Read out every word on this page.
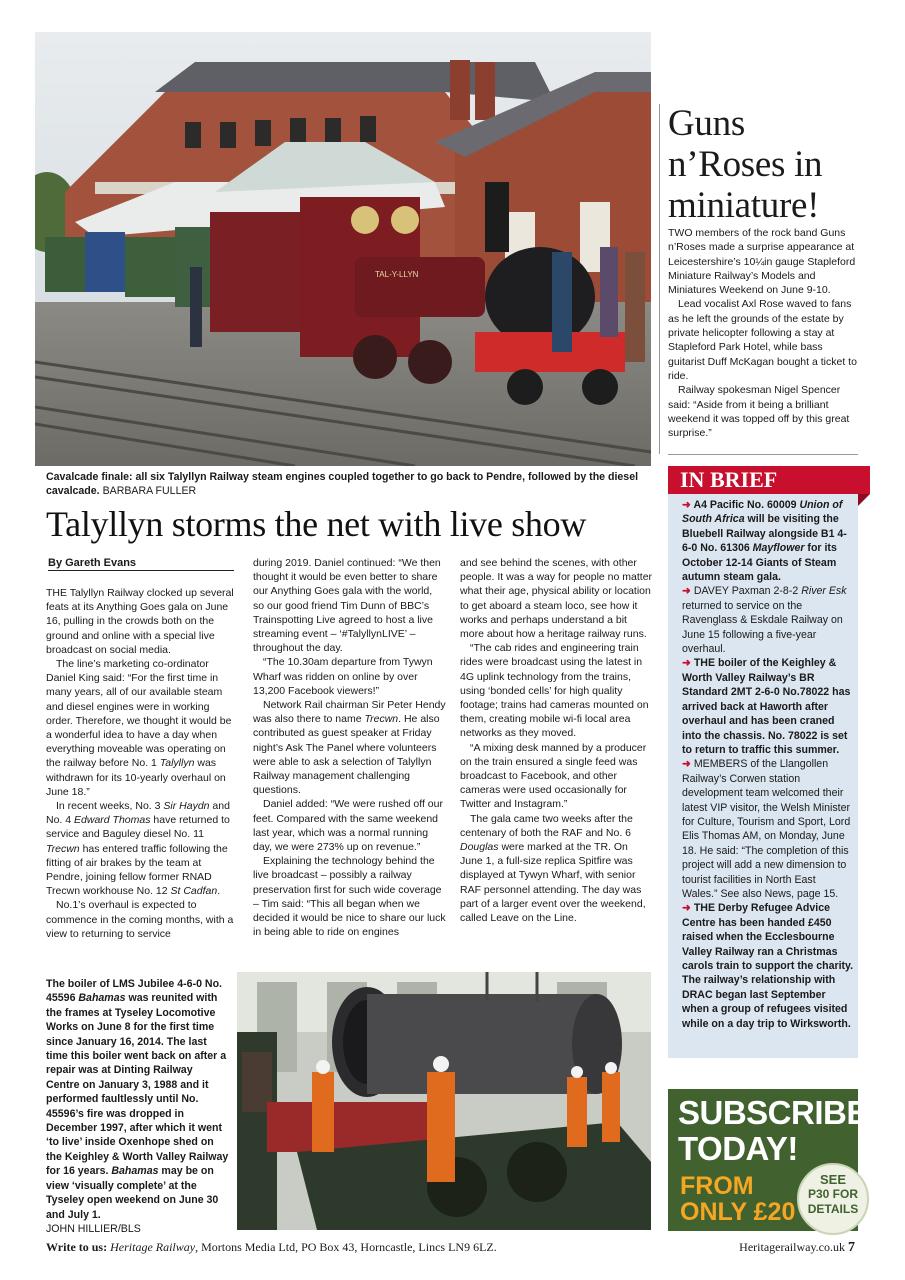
TAL-Y-LLYN
Cavalcade finale: all six Talyllyn Railway steam engines coupled together to go back to Pendre, followed by the diesel cavalcade. BARBARA FULLER
Talyllyn storms the net with live show
By Gareth Evans

THE Talyllyn Railway clocked up several feats at its Anything Goes gala on June 16, pulling in the crowds both on the ground and online with a special live broadcast on social media.

The line’s marketing co-ordinator Daniel King said: “For the first time in many years, all of our available steam and diesel engines were in working order. Therefore, we thought it would be a wonderful idea to have a day when everything moveable was operating on the railway before No. 1 Talyllyn was withdrawn for its 10-yearly overhaul on June 18.”

In recent weeks, No. 3 Sir Haydn and No. 4 Edward Thomas have returned to service and Baguley diesel No. 11 Trecwn has entered traffic following the fitting of air brakes by the team at Pendre, joining fellow former RNAD Trecwn workhouse No. 12 St Cadfan.

No.1’s overhaul is expected to commence in the coming months, with a view to returning to service

during 2019. Daniel continued: “We then thought it would be even better to share our Anything Goes gala with the world, so our good friend Tim Dunn of BBC’s Trainspotting Live agreed to host a live streaming event – ‘#TalyllynLIVE’ – throughout the day.

“The 10.30am departure from Tywyn Wharf was ridden on online by over 13,200 Facebook viewers!”

Network Rail chairman Sir Peter Hendy was also there to name Trecwn. He also contributed as guest speaker at Friday night’s Ask The Panel where volunteers were able to ask a selection of Talyllyn Railway management challenging questions.

Daniel added: “We were rushed off our feet. Compared with the same weekend last year, which was a normal running day, we were 273% up on revenue.”

Explaining the technology behind the live broadcast – possibly a railway preservation first for such wide coverage – Tim said: “This all began when we decided it would be nice to share our luck in being able to ride on engines

and see behind the scenes, with other people. It was a way for people no matter what their age, physical ability or location to get aboard a steam loco, see how it works and perhaps understand a bit more about how a heritage railway runs.

“The cab rides and engineering train rides were broadcast using the latest in 4G uplink technology from the trains, using ‘bonded cells’ for high quality footage; trains had cameras mounted on them, creating mobile wi-fi local area networks as they moved.

“A mixing desk manned by a producer on the train ensured a single feed was broadcast to Facebook, and other cameras were used occasionally for Twitter and Instagram.”

The gala came two weeks after the centenary of both the RAF and No. 6 Douglas were marked at the TR. On June 1, a full-size replica Spitfire was displayed at Tywyn Wharf, with senior RAF personnel attending. The day was part of a larger event over the weekend, called Leave on the Line.

Guns n’Roses in miniature!

TWO members of the rock band Guns n’Roses made a surprise appearance at Leicestershire’s 10¼in gauge Stapleford Miniature Railway’s Models and Miniatures Weekend on June 9-10.

Lead vocalist Axl Rose waved to fans as he left the grounds of the estate by private helicopter following a stay at Stapleford Park Hotel, while bass guitarist Duff McKagan bought a ticket to ride.

Railway spokesman Nigel Spencer said: “Aside from it being a brilliant weekend it was topped off by this great surprise.”

IN BRIEF
➜ A4 Pacific No. 60009 Union of South Africa will be visiting the Bluebell Railway alongside B1 4-6-0 No. 61306 Mayflower for its October 12-14 Giants of Steam autumn steam gala.
➜ DAVEY Paxman 2-8-2 River Esk returned to service on the Ravenglass & Eskdale Railway on June 15 following a five-year overhaul.
➜ THE boiler of the Keighley & Worth Valley Railway’s BR Standard 2MT 2-6-0 No.78022 has arrived back at Haworth after overhaul and has been craned into the chassis. No. 78022 is set to return to traffic this summer.
➜ MEMBERS of the Llangollen Railway’s Corwen station development team welcomed their latest VIP visitor, the Welsh Minister for Culture, Tourism and Sport, Lord Elis Thomas AM, on Monday, June 18. He said: “The completion of this project will add a new dimension to tourist facilities in North East Wales.” See also News, page 15.
➜ THE Derby Refugee Advice Centre has been handed £450 raised when the Ecclesbourne Valley Railway ran a Christmas carols train to support the charity. The railway’s relationship with DRAC began last September when a group of refugees visited while on a day trip to Wirksworth.
The boiler of LMS Jubilee 4-6-0 No. 45596 Bahamas was reunited with the frames at Tyseley Locomotive Works on June 8 for the first time since January 16, 2014. The last time this boiler went back on after a repair was at Dinting Railway Centre on January 3, 1988 and it performed faultlessly until No. 45596’s fire was dropped in December 1997, after which it went ‘to live’ inside Oxenhope shed on the Keighley & Worth Valley Railway for 16 years. Bahamas may be on view ‘visually complete’ at the Tyseley open weekend on June 30 and July 1.
JOHN HILLIER/BLS
SUBSCRIBE
TODAY!
FROM
ONLY £20
SEE
P30 FOR
DETAILS
Write to us: Heritage Railway, Mortons Media Ltd, PO Box 43, Horncastle, Lincs LN9 6LZ.	Heritagerailway.co.uk 7
